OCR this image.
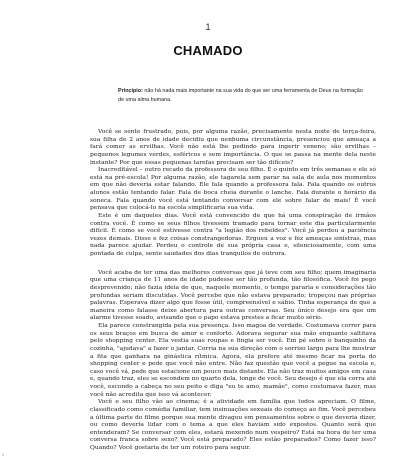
1
CHAMADO
Princípio: não há nada mais importante na sua vida do que ser uma ferramenta de Deus na formação de uma alma humana.

Você se sente frustrado, pois, por alguma razão, precisamente nesta noite de terça-feira, sua filha de 2 anos de idade decidiu que nenhuma circunstância, presenciou que ameaça a fará comer as ervilhas. Você não está lhe pedindo para ingerir veneno; são ervilhas – pequenos legumes verdes, esféricos e sem importância. O que se passa na mente dela neste instante? Por que essas pequenas tarefas precisam ser tão difíceis?

Inacreditável – outro recado da professora de seu filho. É o quinto em três semanas e ele só está na pré-escola! Por alguma razão, ele tagarela sem parar na sala de aula nos momentos em que não deveria estar falando. Ele fala quando a professora fala. Fala quando os outros alunos estão tentando falar. Fala de boca cheia durante o lanche. Fala durante o horário da soneca. Fala quando você está tentando conversar com ele sobre falar de mais! É você pensava que colocá-lo na escola simplificaria sua vida.

Este é um daqueles dias. Você está convencido de que há uma conspiração de irmãos contra você. É como se seus filhos tivessem tramado para tornar este dia particularmente difícil. É como se você estivesse contra "a legião dos rebeldes". Você já perdeu a paciência vezes demais. Disse e fez coisas constrangedoras. Ergueu a voz e fez ameaças sinistras, mas nada parece ajudar. Perdeu o controle de sua própria casa e, silenciosamente, com uma pontada de culpa, sente saudades dos dias tranquilos de outrora.

Você acaba de ter uma das melhores conversas que já teve com seu filho; quem imaginaria que uma criança de 11 anos de idade pudesse ser tão profunda, tão filosófica. Você foi pego desprevenido; não fazia ideia de que, naquele momento, o tempo pararia e considerações tão profundas seriam discutidas. Você percebe que não estava preparado; tropeçou nas próprias palavras. Esperava dizer algo que fosse útil, compreensível e sábio. Tinha esperança de que a maneira como falasse deixe abertura para outras conversas. Seu único desejo era que um alarme tivesse soado, avisando que o papo estava prestes a ficar muito sério.

Ela parece constrangida pela sua presença. Isso magoa de verdade. Costumava correr para os seus braços em busca de amor e conforto. Adorava segurar sua mão enquanto saltitava pelo shopping center. Ela vestia suas roupas e fingia ser você. Em pé sobre o banquinho da cozinha, "ajudava" a fazer o jantar. Corria na sua direção com o sorriso largo para lhe mostrar a fita que ganhara na ginástica rítmica. Agora, ela prefere até mesmo ficar na porta do shopping center e pede que você não entre. Não faz questão que você a pegue na escola e, caso você vá, pede que estacione um pouco mais distante. Ela não traz muitos amigos em casa e, quando traz, eles se escondem no quarto dela, longe de você. Seu desejo é que ela corra até você, escondo a cabeça no seu peito e diga "eu te amo, mamãe", como costumava fazer, mas você não acredita que isso vá acontecer.

Você e seu filho vão ao cinema; é a atividade em família que todos apreciam. O filme, classificado como comédia familiar, tem insinuações sexuais do começo ao fim. Você percebeu a última parte do filme porque sua mente divagou em pensamentos sobre o que deveria dizer, ou como deveria lidar com o tema a que eles haviam sido expostos. Quanto será que entenderam? Se conversar com eles, estará mexendo num vespeiro? Está na hora de ter uma conversa franca sobre sexo? Você está preparado? Eles estão preparados? Como fazer isso? Quando? Você gostaria de ter um roteiro para seguir.

8
